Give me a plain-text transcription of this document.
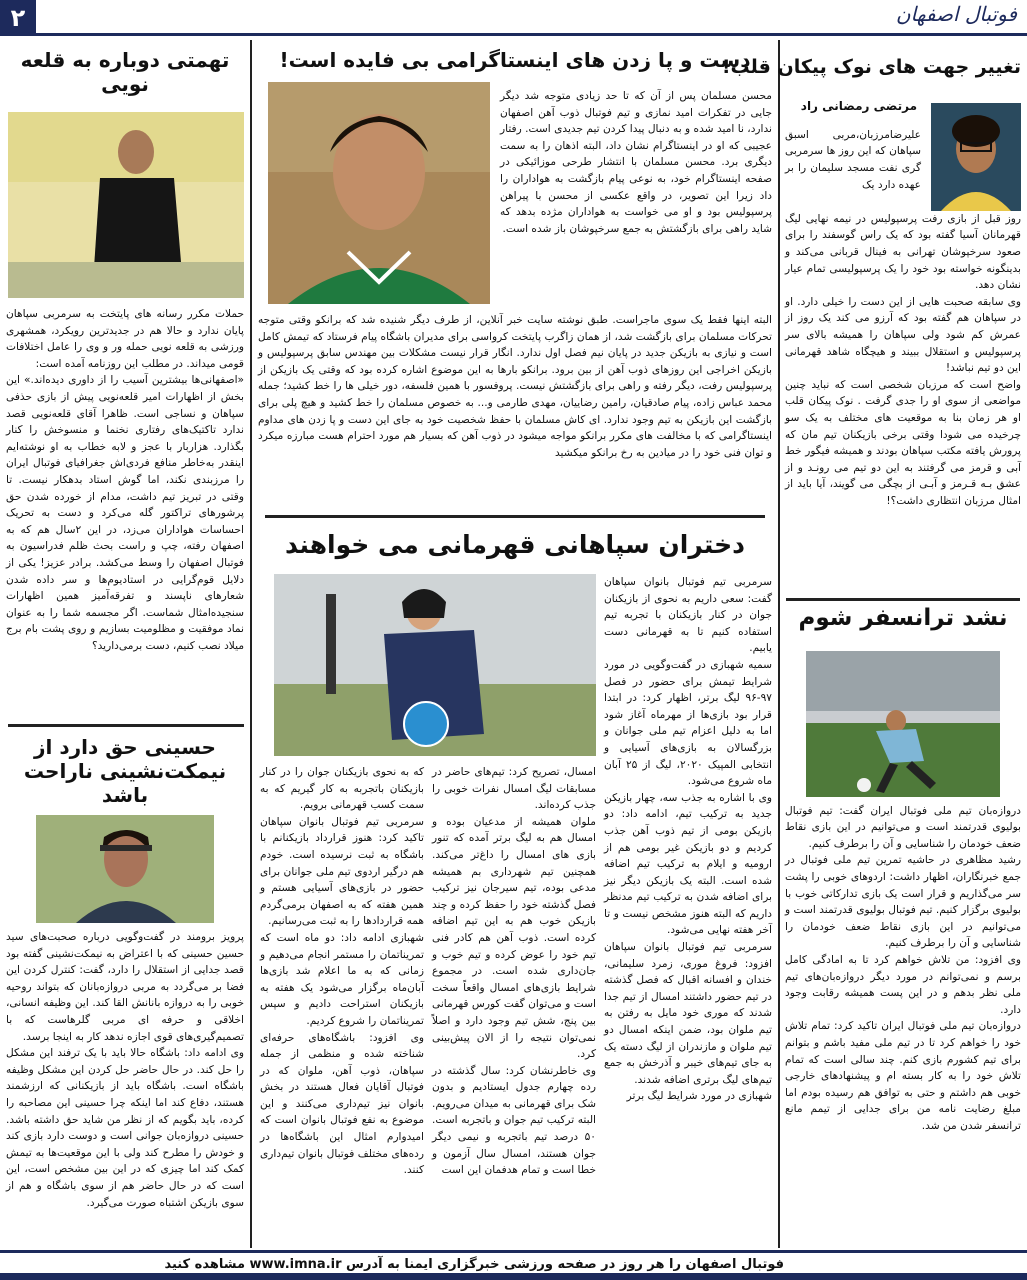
۲	فوتبال اصفهان
تغییر جهت های نوک پیکان قلب!
مرتضی رمضانی راد
علیرضامرزبان،مربی اسبق سپاهان که این روز ها سرمربی گری نفت مسجد سلیمان را بر عهده دارد یک
روز قبل از بازی رفت پرسپولیس در نیمه نهایی لیگ قهرمانان آسیا گفته بود که یک راس گوسفند را برای صعود سرخپوشان تهرانی به فینال قربانی می‌کند و بدینگونه خواسته بود خود را یک پرسپولیسی تمام عیار نشان دهد.
وی سابقه صحبت هایی از این دست را خیلی دارد. او در سپاهان هم گفته بود که آرزو می کند یک روز از عمرش کم شود ولی سپاهان را همیشه بالای سر پرسپولیس و استقلال ببیند و هیچگاه شاهد قهرمانی این دو تیم نباشد!
واضح است که مرزبان شخصی است که نباید چنین مواضعی از سوی او را جدی گرفت . نوک پیکان قلب او هر زمان بنا به موقعیت های مختلف به یک سو چرخیده می شودا وقتی برخی بازیکنان تیم مان که پرورش یافته مکتب سپاهان بودند و همیشه فیگور خط آبی و قرمز می گرفتند به این دو تیم می رونـد و از عشق بـه قـرمز و آبـی از بچگی می گویند، آیا باید از امثال مرزبان انتظاری داشت؟!
نشد ترانسفر شوم
دروازه‌بان تیم ملی فوتبال ایران گفت: تیم فوتبال بولیوی قدرتمند است و می‌توانیم در این بازی نقاط ضعف خودمان را شناسایی و آن را برطرف کنیم.
رشید مظاهری در حاشیه تمرین تیم ملی فوتبال در جمع خبرنگاران، اظهار داشت: اردوهای خوبی را پشت سر می‌گذاریم و قرار است یک بازی تدارکاتی خوب با بولیوی برگزار کنیم. تیم فوتبال بولیوی قدرتمند است و می‌توانیم در این بازی نقاط ضعف خودمان را شناسایی و آن را برطرف کنیم.
وی افزود: من تلاش خواهم کرد تا به امادگی کامل برسم و نمی‌توانم در مورد دیگر دروازه‌بان‌های تیم ملی نظر بدهم و در این پست همیشه رقابت وجود دارد.
دروازه‌بان تیم ملی فوتبال ایران تاکید کرد: تمام تلاش خود را خواهم کرد تا در تیم ملی مفید باشم و بتوانم برای تیم کشورم بازی کنم. چند سالی است که تمام تلاش خود را به کار بسته ام و پیشنهادهای خارجی خوبی هم داشتم و حتی به توافق هم رسیده بودم اما مبلغ رضایت نامه من برای جدایی از تیمم مانع ترانسفر شدن من شد.
دست و پا زدن های اینستاگرامی بی فایده است!
محسن مسلمان پس از آن که تا حد زیادی متوجه شد دیگر جایی در تفکرات امید نمازی و تیم فوتبال ذوب آهن اصفهان ندارد، نا امید شده و به دنبال پیدا کردن تیم جدیدی است. رفتار عجیبی که او در اینستاگرام نشان داد، البته اذهان را به سمت دیگری برد. محسن مسلمان با انتشار طرحی موزائیکی در صفحه اینستاگرام خود، به نوعی پیام بازگشت به هواداران را داد زیرا این تصویر، در واقع عکسی از محسن با پیراهن پرسپولیس بود و او می خواست به هواداران مژده بدهد که شاید راهی برای بازگشتش به جمع سرخپوشان باز شده است.
البته اینها فقط یک سوی ماجراست. طبق نوشته سایت خبر آنلاین، از طرف دیگر شنیده شد که برانکو وقتی متوجه تحرکات مسلمان برای بازگشت شد، از همان زاگرب پایتخت کرواسی برای مدیران باشگاه پیام فرستاد که تیمش کامل است و نیازی به بازیکن جدید در پایان نیم فصل اول ندارد. انگار قرار نیست مشکلات بین مهندس سابق پرسپولیس و بازیکن اخراجی این روزهای ذوب آهن از بین برود. برانکو بارها به این موضوع اشاره کرده بود که وقتی یک بازیکن از پرسپولیس رفت، دیگر رفته و راهی برای بازگشتش نیست. پروفسور با همین فلسفه، دور خیلی ها را خط کشید؛ جمله محمد عباس زاده، پیام صادقیان، رامین رضاییان، مهدی طارمی و... به خصوص مسلمان را خط کشید و هیچ پلی برای بازگشت این بازیکن به تیم وجود ندارد. ای کاش مسلمان با حفظ شخصیت خود به جای این دست و پا زدن های مداوم اینستاگرامی که با مخالفت های مکرر برانکو مواجه میشود در ذوب آهن که بسیار هم مورد احترام هست مبارزه میکرد و توان فنی خود را در میادین به رخ برانکو میکشید
دختران سپاهانی قهرمانی می خواهند
سرمربی تیم فوتبال بانوان سپاهان گفت: سعی داریم به نحوی از بازیکنان جوان در کنار بازیکنان با تجربه تیم استفاده کنیم تا به قهرمانی دست یابیم.
سمیه شهبازی در گفت‌وگویی در مورد شرایط تیمش برای حضور در فصل ۹۷-۹۶ لیگ برتر، اظهار کرد: در ابتدا قرار بود بازی‌ها از مهرماه آغاز شود اما به دلیل اعزام تیم ملی جوانان و بزرگسالان به بازی‌های آسیایی و انتخابی المپیک ۲۰۲۰، لیگ از ۲۵ آبان ماه شروع می‌شود.
وی با اشاره به جذب سه، چهار بازیکن جدید به ترکیب تیم، ادامه داد: دو بازیکن بومی از تیم ذوب آهن جذب کردیم و دو بازیکن غیر بومی هم از ارومیه و ایلام به ترکیب تیم اضافه شده است. البته یک بازیکن دیگر نیز برای اضافه شدن به ترکیب تیم مدنظر داریم که البته هنوز مشخص نیست و تا آخر هفته نهایی می‌شود.
سرمربی تیم فوتبال بانوان سپاهان افزود: فروغ موری، زمرد سلیمانی، خندان و افسانه اقبال که فصل گذشته در تیم حضور داشتند امسال از تیم جدا شدند که موری خود مایل به رفتن به تیم ملوان بود، ضمن اینکه امسال دو تیم ملوان و مازندران از لیگ دسته یک به جای تیم‌های خیبر و آذرخش به جمع تیم‌های لیگ برتری اضافه شدند.
شهبازی در مورد شرایط لیگ برتر
امسال، تصریح کرد: تیم‌های حاضر در مسابقات لیگ امسال نفرات خوبی را جذب کرده‌اند.
ملوان همیشه از مدعیان بوده و امسال هم به لیگ برتر آمده که تنور بازی های امسال را داغ‌تر می‌کند. همچنین تیم شهرداری بم همیشه مدعی بوده، تیم سیرجان نیز ترکیب فصل گذشته خود را حفظ کرده و چند بازیکن خوب هم به این تیم اضافه کرده است. ذوب آهن هم کادر فنی تیم خود را عوض کرده و تیم خوب و جان‌داری شده است. در مجموع شرایط بازی‌های امسال واقعاً سخت است و می‌توان گفت کورس قهرمانی بین پنج، شش تیم وجود دارد و اصلاً نمی‌توان نتیجه را از الان پیش‌بینی کرد.
وی خاطرنشان کرد: سال گذشته در رده چهارم جدول ایستادیم و بدون شک برای قهرمانی به میدان می‌رویم. البته ترکیب تیم جوان و باتجربه است. ۵۰ درصد تیم باتجربه و نیمی دیگر جوان هستند، امسال سال آزمون و خطا است و تمام هدفمان این است
که به نحوی بازیکنان جوان را در کنار بازیکنان باتجربه به کار گیریم که به سمت کسب قهرمانی برویم.
سرمربی تیم فوتبال بانوان سپاهان تاکید کرد: هنوز قرارداد بازیکنانم با باشگاه به ثبت نرسیده است. خودم هم درگیر اردوی تیم ملی جوانان برای حضور در بازی‌های آسیایی هستم و همین هفته که به اصفهان برمی‌گردم همه قراردادها را به ثبت می‌رسانیم.
شهبازی ادامه داد: دو ماه است که تمریناتمان را مستمر انجام می‌دهیم و زمانی که به ما اعلام شد بازی‌ها آبان‌ماه برگزار می‌شود یک هفته به بازیکنان استراحت دادیم و سپس تمریناتمان را شروع کردیم.
وی افزود: باشگاه‌های حرفه‌ای شناخته شده و منظمی از جمله سپاهان، ذوب آهن، ملوان که در فوتبال آقایان فعال هستند در بخش بانوان نیز تیم‌داری می‌کنند و این موضوع به نفع فوتبال بانوان است که امیدوارم امثال این باشگاه‌ها در رده‌های مختلف فوتبال بانوان تیم‌داری کنند.
تهمتی دوباره به قلعه نویی
حملات مکرر رسانه های پایتخت به سرمربی سپاهان پایان ندارد و حالا هم در جدیدترین رویکرد، همشهری ورزشی به قلعه نویی حمله ور و وی را عامل اختلافات قومی میداند. در مطلب این روزنامه آمده است:
«اصفهانی‌ها بیشترین آسیب را از داوری دیده‌اند.» این بخش از اظهارات امیر قلعه‌نویی پیش از بازی حذفی سپاهان و نساجی است. ظاهرا آقای قلعه‌نویی قصد ندارد تاکتیک‌های رفتاری نخنما و منسوخش را کنار بگذارد. هزاربار با عجز و لابه خطاب به او نوشته‌ایم اینقدر به‌خاطر منافع فردی‌اش جغرافیای فوتبال ایران را مرزبندی نکند، اما گوش استاد بدهکار نیست. تا وقتی در تبریز تیم داشت، مدام از خورده شدن حق پرشورهای تراکتور گله می‌کرد و دست به تحریک احساسات هواداران می‌زد، در این ۲سال هم که به اصفهان رفته، چپ و راست بحث ظلم فدراسیون به فوتبال اصفهان را وسط می‌کشد. برادر عزیز! یکی از دلایل قوم‌گرایی در استادیوم‌ها و سر داده شدن شعارهای ناپسند و تفرقه‌آمیز همین اظهارات سنجیده‌امثال شماست. اگر مجسمه شما را به عنوان نماد موفقیت و مظلومیت بسازیم و روی پشت بام برج میلاد نصب کنیم، دست برمی‌دارید؟
حسینی حق دارد از نیمکت‌نشینی ناراحت باشد
پرویز برومند در گفت‌وگویی درباره صحبت‌های سید حسین حسینی که با اعتراض به نیمکت‌نشینی گفته بود قصد جدایی از استقلال را دارد، گفت: کنترل کردن این فضا بر می‌گردد به مربی دروازه‌بانان که بتواند روحیه خوبی را به دروازه بانانش القا کند. این وظیفه انسانی، اخلاقی و حرفه ای مربی گلرهاست که با تصمیم‌گیری‌های قوی اجازه ندهد کار به اینجا برسد.
وی ادامه داد: باشگاه حالا باید با یک ترفند این مشکل را حل کند. در حال حاضر حل کردن این مشکل وظیفه باشگاه است. باشگاه باید از بازیکنانی که ارزشمند هستند، دفاع کند اما اینکه چرا حسینی این مصاحبه را کرده، باید بگویم که از نظر من شاید حق داشته باشد. حسینی دروازه‌بان جوانی است و دوست دارد بازی کند و خودش را مطرح کند ولی با این موقعیت‌ها به تیمش کمک کند اما چیزی که در این بین مشخص است، این است که در حال حاضر هم از سوی باشگاه و هم از سوی بازیکن اشتباه صورت می‌گیرد.
فوتبال اصفهان را هر روز در صفحه ورزشی خبرگزاری ایمنا به آدرس www.imna.ir مشاهده کنید
